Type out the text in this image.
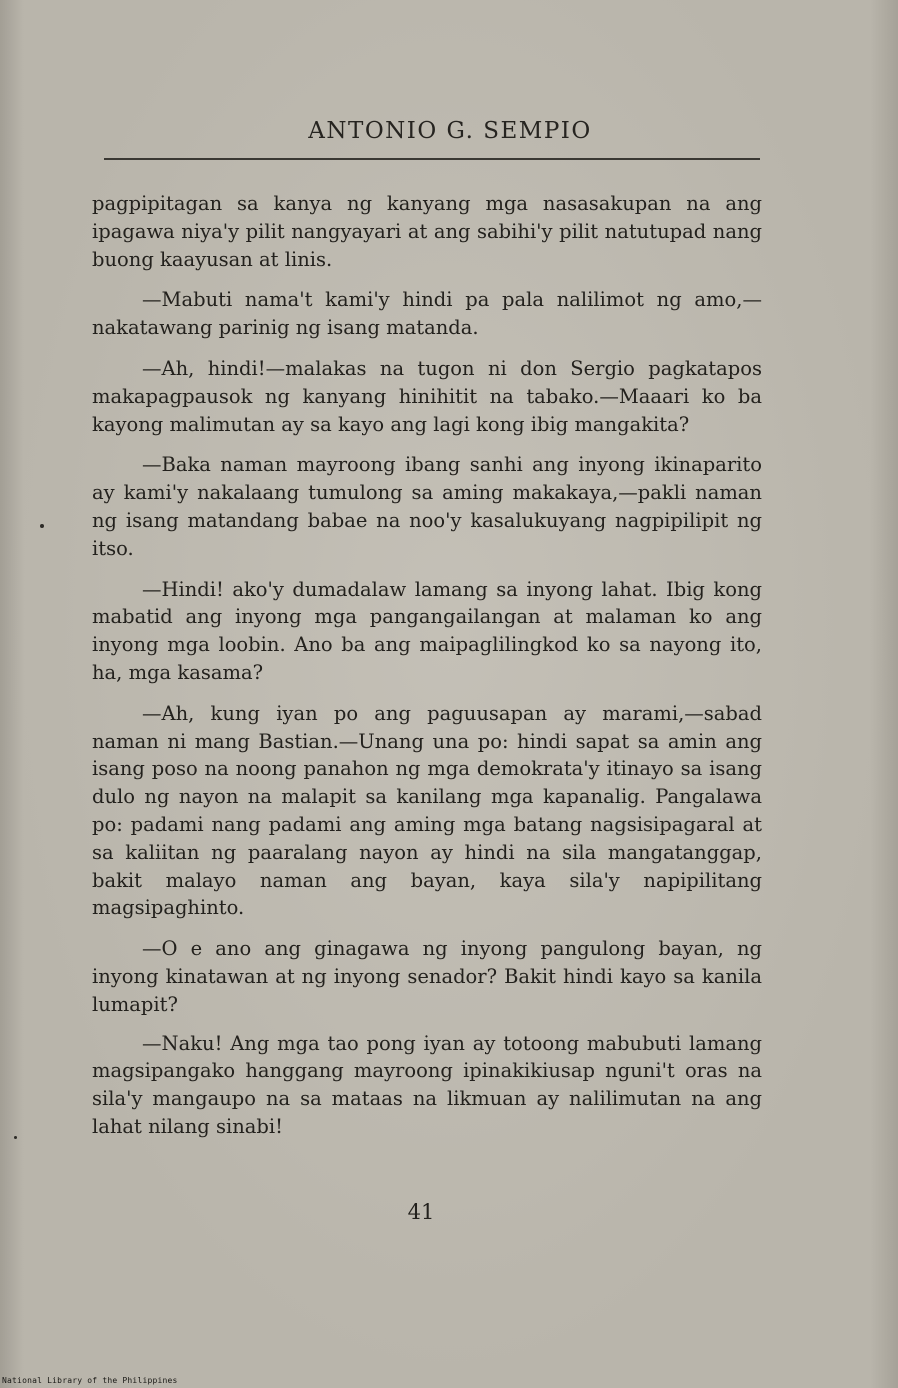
ANTONIO G. SEMPIO

pagpipitagan sa kanya ng kanyang mga nasasakupan na ang ipagawa niya'y pilit nangyayari at ang sabihi'y pilit natutupad nang buong kaayusan at linis.

—Mabuti nama't kami'y hindi pa pala nalilimot ng amo,—nakatawang parinig ng isang matanda.

—Ah, hindi!—malakas na tugon ni don Sergio pagkatapos makapagpausok ng kanyang hinihitit na tabako.—Maaari ko ba kayong malimutan ay sa kayo ang lagi kong ibig mangakita?

—Baka naman mayroong ibang sanhi ang inyong ikinaparito ay kami'y nakalaang tumulong sa aming makakaya,—pakli naman ng isang matandang babae na noo'y kasalukuyang nagpipilipit ng itso.

—Hindi! ako'y dumadalaw lamang sa inyong lahat. Ibig kong mabatid ang inyong mga pangangailangan at malaman ko ang inyong mga loobin. Ano ba ang maipaglilingkod ko sa nayong ito, ha, mga kasama?

—Ah, kung iyan po ang paguusapan ay marami,—sabad naman ni mang Bastian.—Unang una po: hindi sapat sa amin ang isang poso na noong panahon ng mga demokrata'y itinayo sa isang dulo ng nayon na malapit sa kanilang mga kapanalig. Pangalawa po: padami nang padami ang aming mga batang nagsisipagaral at sa kaliitan ng paaralang nayon ay hindi na sila mangatanggap, bakit malayo naman ang bayan, kaya sila'y napipilitang magsipaghinto.

—O e ano ang ginagawa ng inyong pangulong bayan, ng inyong kinatawan at ng inyong senador? Bakit hindi kayo sa kanila lumapit?

—Naku! Ang mga tao pong iyan ay totoong mabubuti lamang magsipangako hanggang mayroong ipinakikiusap nguni't oras na sila'y mangaupo na sa mataas na likmuan ay nalilimutan na ang lahat nilang sinabi!

41
National Library of the Philippines
